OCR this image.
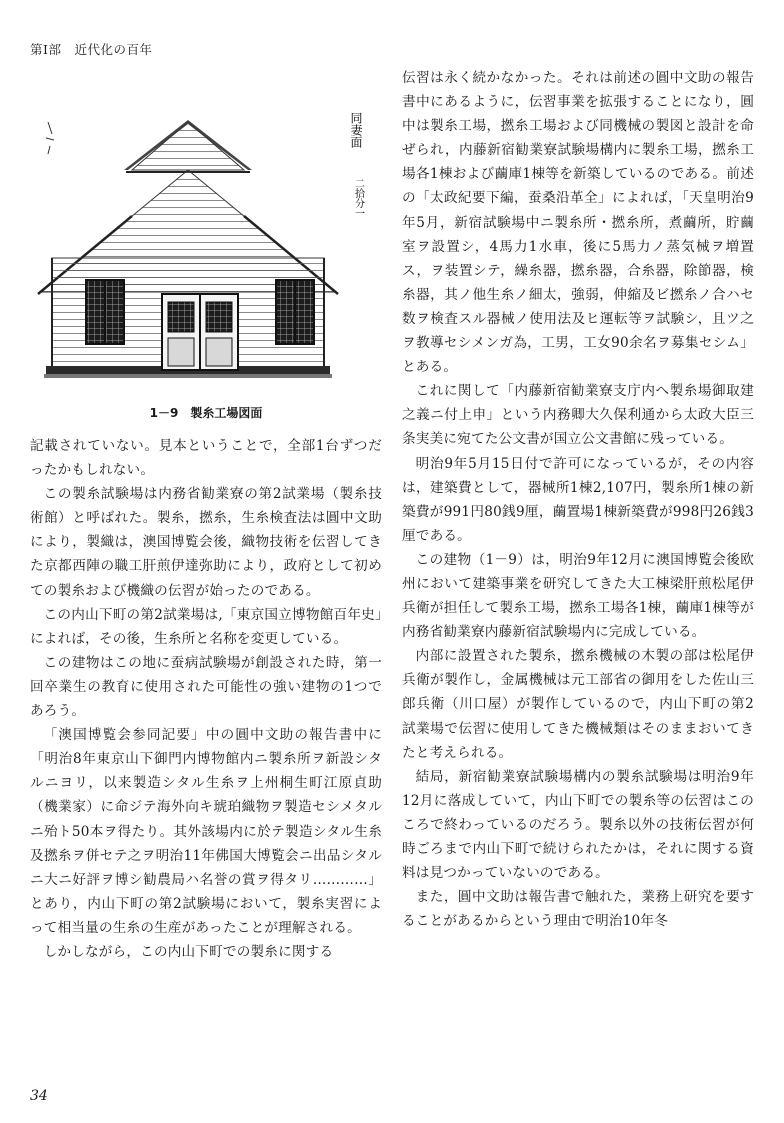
第Ⅰ部　近代化の百年
同妻面
二拾分一
1－9　製糸工場図面

記載されていない。見本ということで，全部1台ずつだったかもしれない。

この製糸試験場は内務省勧業寮の第2試業場（製糸技術館）と呼ばれた。製糸，撚糸，生糸検査法は圓中文助により，製織は，澳国博覧会後，織物技術を伝習してきた京都西陣の職工肝煎伊達弥助により，政府として初めての製糸および機織の伝習が始ったのである。

この内山下町の第2試業場は,「東京国立博物館百年史」によれば，その後，生糸所と名称を変更している。

この建物はこの地に蚕病試験場が創設された時，第一回卒業生の教育に使用された可能性の強い建物の1つであろう。

「澳国博覧会参同記要」中の圓中文助の報告書中に「明治8年東京山下御門内博物館内ニ製糸所ヲ新設シタルニヨリ，以来製造シタル生糸ヲ上州桐生町江原貞助（機業家）に命ジテ海外向キ琥珀織物ヲ製造セシメタルニ殆ト50本ヲ得たり。其外該場内に於テ製造シタル生糸及撚糸ヲ併セテ之ヲ明治11年佛国大博覧会ニ出品シタルニ大ニ好評ヲ博シ勧農局ハ名誉の賞ヲ得タリ…………」とあり，内山下町の第2試験場において，製糸実習によって相当量の生糸の生産があったことが理解される。

しかしながら，この内山下町での製糸に関する

伝習は永く続かなかった。それは前述の圓中文助の報告書中にあるように，伝習事業を拡張することになり，圓中は製糸工場，撚糸工場および同機械の製図と設計を命ぜられ，内藤新宿勧業寮試験場構内に製糸工場，撚糸工場各1棟および繭庫1棟等を新築しているのである。前述の「太政紀要下編，蚕桑沿革全」によれば，「天皇明治9年5月，新宿試験場中ニ製糸所・撚糸所，煮繭所，貯繭室ヲ設置シ，4馬力1水車，後に5馬力ノ蒸気械ヲ増置ス，ヲ装置シテ，繰糸器，撚糸器，合糸器，除節器，検糸器，其ノ他生糸ノ細太，強弱，伸縮及ビ撚糸ノ合ハセ数ヲ検査スル器械ノ使用法及ヒ運転等ヲ試験シ，且ツ之ヲ教導セシメンガ為，工男，工女90余名ヲ募集セシム」とある。

これに関して「内藤新宿勧業寮支庁内へ製糸場御取建之義ニ付上申」という内務卿大久保利通から太政大臣三条実美に宛てた公文書が国立公文書館に残っている。

明治9年5月15日付で許可になっているが，その内容は，建築費として，器械所1棟2,107円，製糸所1棟の新築費が991円80銭9厘，繭置場1棟新築費が998円26銭3厘である。

この建物（1－9）は，明治9年12月に澳国博覧会後欧州において建築事業を研究してきた大工棟梁肝煎松尾伊兵衛が担任して製糸工場，撚糸工場各1棟，繭庫1棟等が内務省勧業寮内藤新宿試験場内に完成している。

内部に設置された製糸，撚糸機械の木製の部は松尾伊兵衛が製作し，金属機械は元工部省の御用をした佐山三郎兵衛（川口屋）が製作しているので，内山下町の第2試業場で伝習に使用してきた機械類はそのままおいてきたと考えられる。

結局，新宿勧業寮試験場構内の製糸試験場は明治9年12月に落成していて，内山下町での製糸等の伝習はこのころで終わっているのだろう。製糸以外の技術伝習が何時ごろまで内山下町で続けられたかは，それに関する資料は見つかっていないのである。

また，圓中文助は報告書で触れた，業務上研究を要することがあるからという理由で明治10年冬

34
